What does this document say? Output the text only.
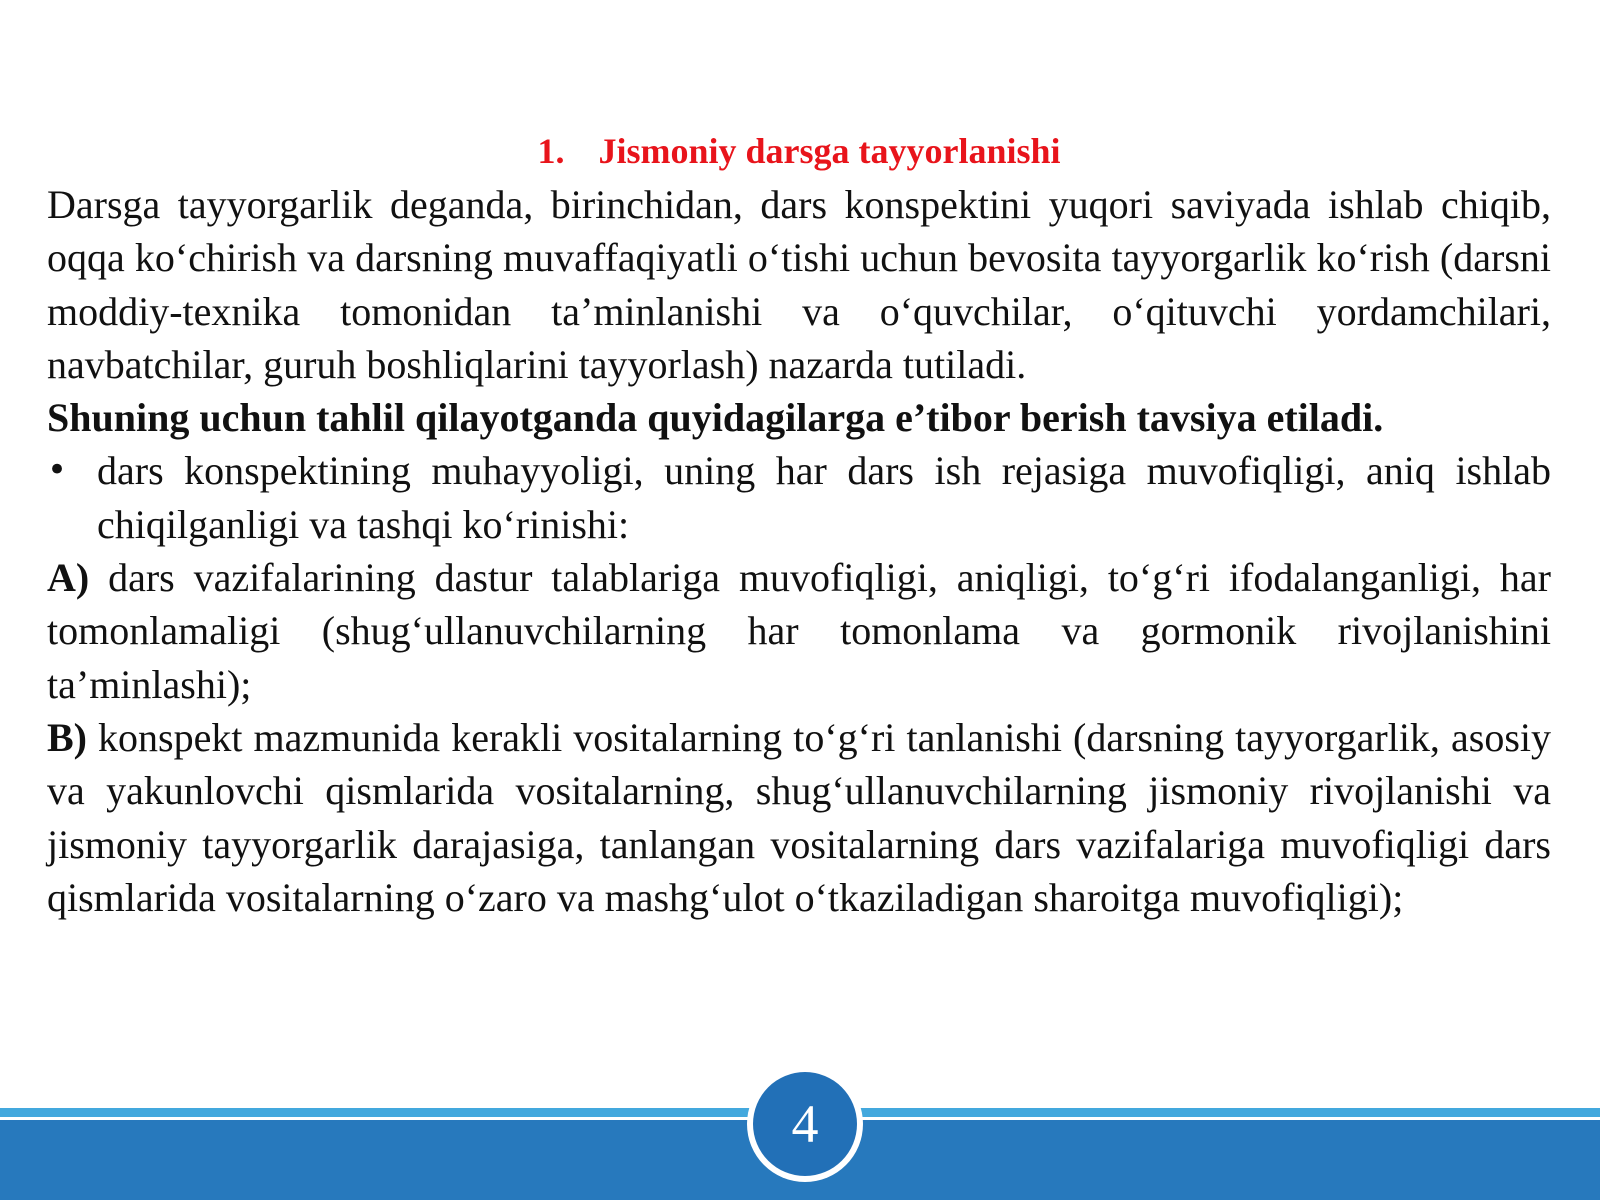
1. Jismoniy darsga tayyorlanishi

Darsga tayyorgarlik deganda, birinchidan, dars konspektini yuqori saviyada ishlab chiqib, oqqa ko‘chirish va darsning muvaffaqiyatli o‘tishi uchun bevosita tayyorgarlik ko‘rish (darsni moddiy-texnika tomonidan ta’minlanishi va o‘quvchilar, o‘qituvchi yordamchilari, navbatchilar, guruh boshliqlarini tayyorlash) nazarda tutiladi.

Shuning uchun tahlil qilayotganda quyidagilarga e’tibor berish tavsiya etiladi.

• dars konspektining muhayyoligi, uning har dars ish rejasiga muvofiqligi, aniq ishlab chiqilganligi va tashqi ko‘rinishi:

A) dars vazifalarining dastur talablariga muvofiqligi, aniqligi, to‘g‘ri ifodalanganligi, har tomonlamaligi (shug‘ullanuvchilarning har tomonlama va gormonik rivojlanishini ta’minlashi);

B) konspekt mazmunida kerakli vositalarning to‘g‘ri tanlanishi (darsning tayyorgarlik, asosiy va yakunlovchi qismlarida vositalarning, shug‘ullanuvchilarning jismoniy rivojlanishi va jismoniy tayyorgarlik darajasiga, tanlangan vositalarning dars vazifalariga muvofiqligi dars qismlarida vositalarning o‘zaro va mashg‘ulot o‘tkaziladigan sharoitga muvofiqligi);

4
